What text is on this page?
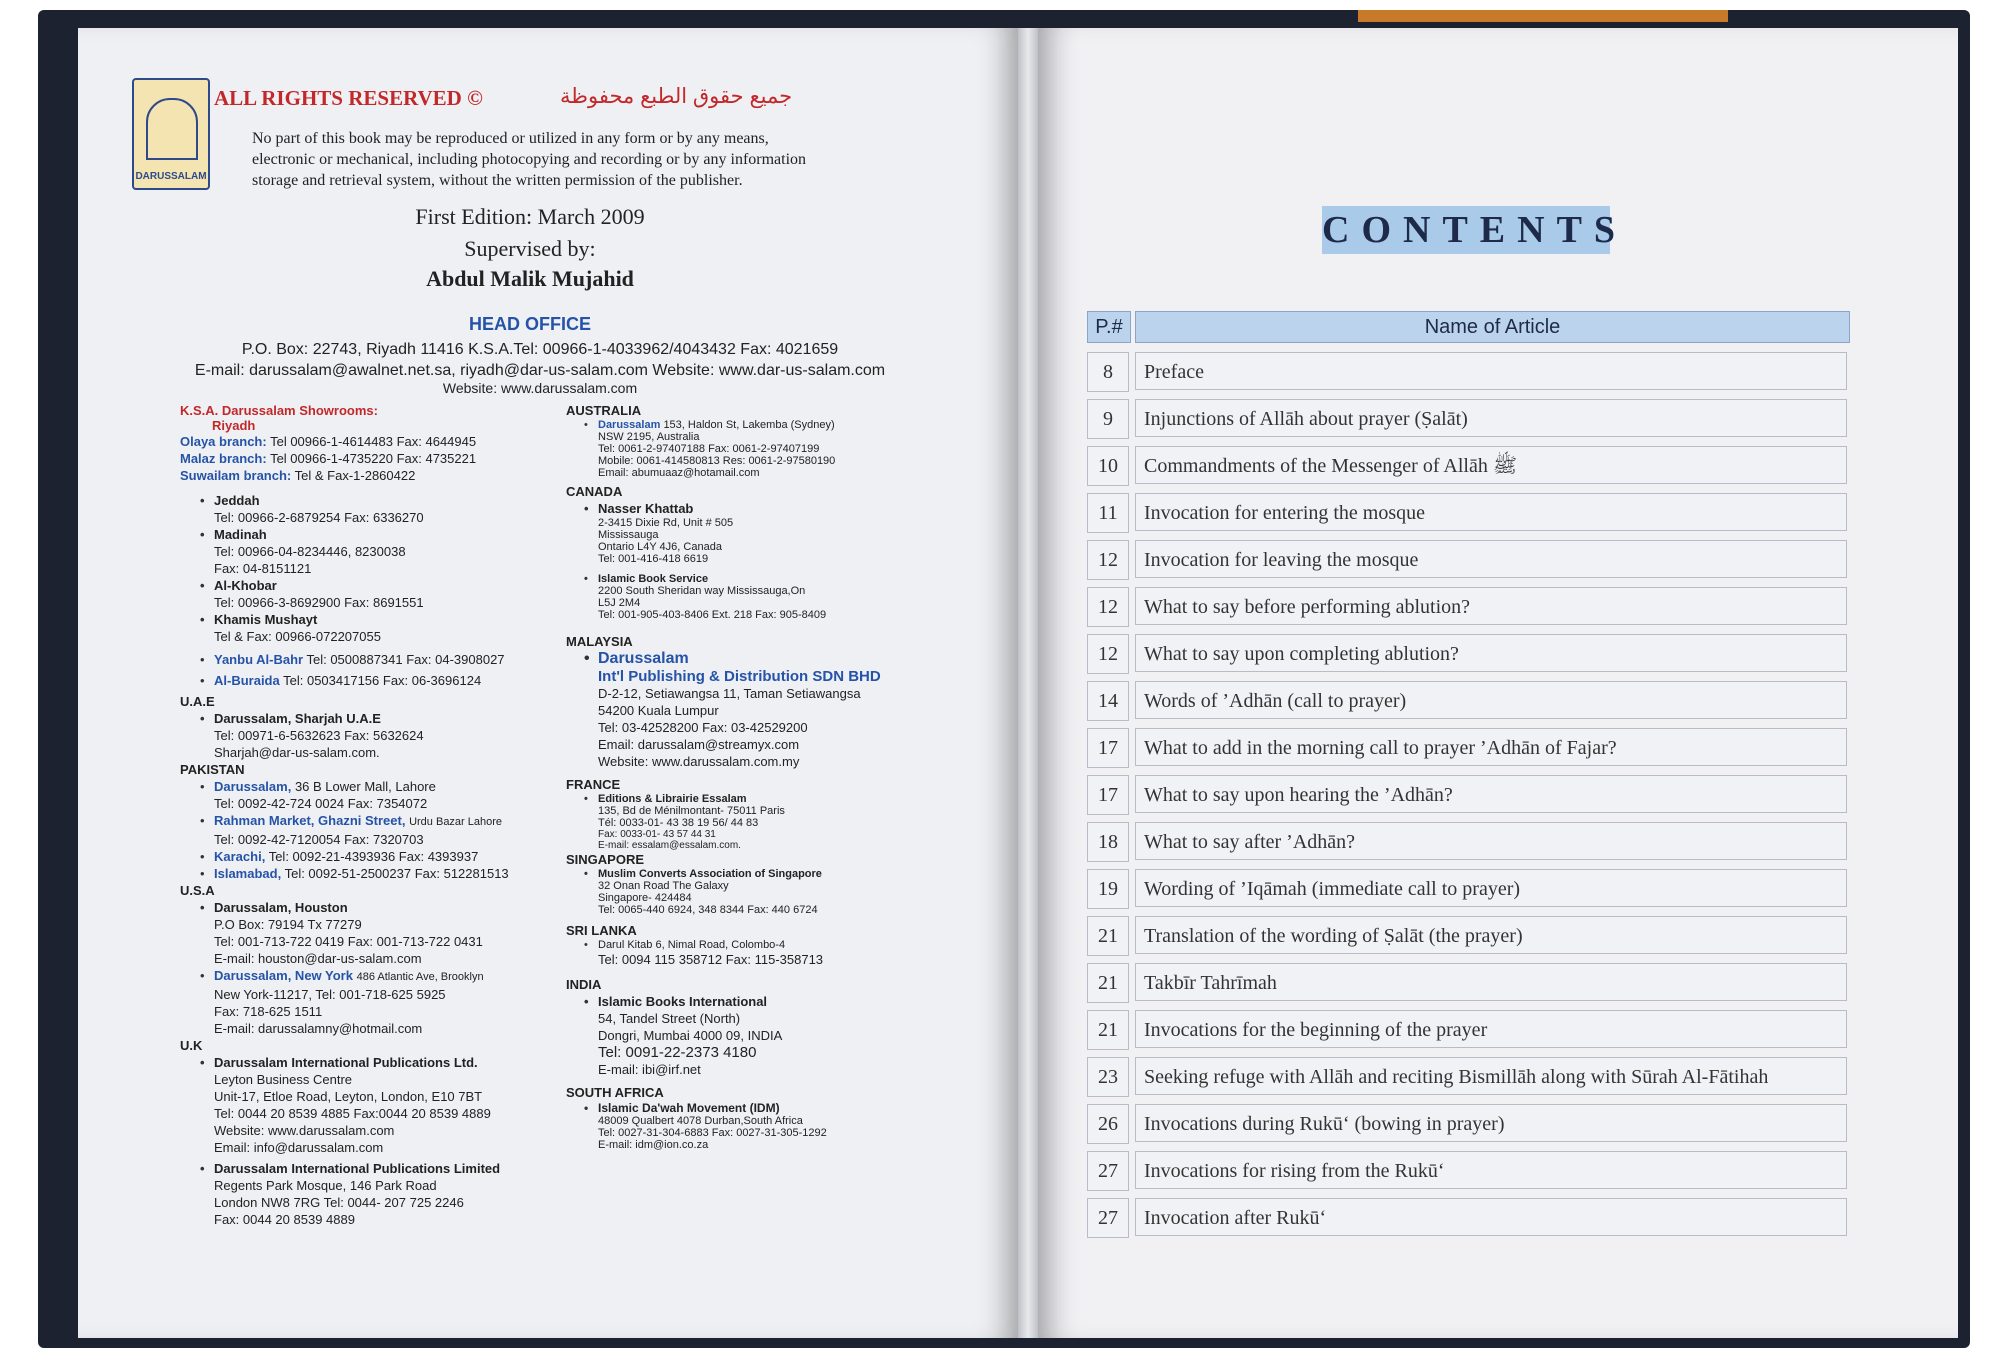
DARUSSALAM
ALL RIGHTS RESERVED ©	جميع حقوق الطبع محفوظة
No part of this book may be reproduced or utilized in any form or by any means,
electronic or mechanical, including photocopying and recording or by any information
storage and retrieval system, without the written permission of the publisher.
First Edition: March 2009
Supervised by:
Abdul Malik Mujahid
HEAD OFFICE
P.O. Box: 22743, Riyadh 11416 K.S.A.Tel: 00966-1-4033962/4043432 Fax: 4021659
E-mail: darussalam@awalnet.net.sa, riyadh@dar-us-salam.com Website: www.dar-us-salam.com
Website: www.darussalam.com
K.S.A. Darussalam Showrooms:
Riyadh
Olaya branch: Tel 00966-1-4614483 Fax: 4644945
Malaz branch: Tel 00966-1-4735220 Fax: 4735221
Suwailam branch: Tel & Fax-1-2860422
• Jeddah
Tel: 00966-2-6879254 Fax: 6336270
• Madinah
Tel: 00966-04-8234446, 8230038
Fax: 04-8151121
• Al-Khobar
Tel: 00966-3-8692900 Fax: 8691551
• Khamis Mushayt
Tel & Fax: 00966-072207055
• Yanbu Al-Bahr Tel: 0500887341 Fax: 04-3908027
• Al-Buraida Tel: 0503417156 Fax: 06-3696124
U.A.E
• Darussalam, Sharjah U.A.E
Tel: 00971-6-5632623 Fax: 5632624
Sharjah@dar-us-salam.com.
PAKISTAN
• Darussalam, 36 B Lower Mall, Lahore
Tel: 0092-42-724 0024 Fax: 7354072
• Rahman Market, Ghazni Street, Urdu Bazar Lahore
Tel: 0092-42-7120054 Fax: 7320703
• Karachi, Tel: 0092-21-4393936 Fax: 4393937
• Islamabad, Tel: 0092-51-2500237 Fax: 512281513
U.S.A
• Darussalam, Houston
P.O Box: 79194 Tx 77279
Tel: 001-713-722 0419 Fax: 001-713-722 0431
E-mail: houston@dar-us-salam.com
• Darussalam, New York 486 Atlantic Ave, Brooklyn
New York-11217, Tel: 001-718-625 5925
Fax: 718-625 1511
E-mail: darussalamny@hotmail.com
U.K
• Darussalam International Publications Ltd.
Leyton Business Centre
Unit-17, Etloe Road, Leyton, London, E10 7BT
Tel: 0044 20 8539 4885 Fax:0044 20 8539 4889
Website: www.darussalam.com
Email: info@darussalam.com
• Darussalam International Publications Limited
Regents Park Mosque, 146 Park Road
London NW8 7RG Tel: 0044- 207 725 2246
Fax: 0044 20 8539 4889
AUSTRALIA
• Darussalam 153, Haldon St, Lakemba (Sydney)
NSW 2195, Australia
Tel: 0061-2-97407188 Fax: 0061-2-97407199
Mobile: 0061-414580813 Res: 0061-2-97580190
Email: abumuaaz@hotamail.com
CANADA
• Nasser Khattab
2-3415 Dixie Rd, Unit # 505
Mississauga
Ontario L4Y 4J6, Canada
Tel: 001-416-418 6619
• Islamic Book Service
2200 South Sheridan way Mississauga,On
L5J 2M4
Tel: 001-905-403-8406 Ext. 218 Fax: 905-8409
MALAYSIA
• Darussalam
Int'l Publishing & Distribution SDN BHD
D-2-12, Setiawangsa 11, Taman Setiawangsa
54200 Kuala Lumpur
Tel: 03-42528200 Fax: 03-42529200
Email: darussalam@streamyx.com
Website: www.darussalam.com.my
FRANCE
• Editions & Librairie Essalam
135, Bd de Ménilmontant- 75011 Paris
Tél: 0033-01- 43 38 19 56/ 44 83
Fax: 0033-01- 43 57 44 31
E-mail: essalam@essalam.com.
SINGAPORE
• Muslim Converts Association of Singapore
32 Onan Road The Galaxy
Singapore- 424484
Tel: 0065-440 6924, 348 8344 Fax: 440 6724
SRI LANKA
• Darul Kitab 6, Nimal Road, Colombo-4
Tel: 0094 115 358712 Fax: 115-358713
INDIA
• Islamic Books International
54, Tandel Street (North)
Dongri, Mumbai 4000 09, INDIA
Tel: 0091-22-2373 4180
E-mail: ibi@irf.net
SOUTH AFRICA
• Islamic Da'wah Movement (IDM)
48009 Qualbert 4078 Durban,South Africa
Tel: 0027-31-304-6883 Fax: 0027-31-305-1292
E-mail: idm@ion.co.za
CONTENTS
P.#	Name of Article
8	Preface
9	Injunctions of Allāh about prayer (Ṣalāt)
10	Commandments of the Messenger of Allāh ﷺ
11	Invocation for entering the mosque
12	Invocation for leaving the mosque
12	What to say before performing ablution?
12	What to say upon completing ablution?
14	Words of ’Adhān (call to prayer)
17	What to add in the morning call to prayer ’Adhān of Fajar?
17	What to say upon hearing the ’Adhān?
18	What to say after ’Adhān?
19	Wording of ’Iqāmah (immediate call to prayer)
21	Translation of the wording of Ṣalāt (the prayer)
21	Takbīr Tahrīmah
21	Invocations for the beginning of the prayer
23	Seeking refuge with Allāh and reciting Bismillāh along with Sūrah Al-Fātihah
26	Invocations during Rukū‘ (bowing in prayer)
27	Invocations for rising from the Rukū‘
27	Invocation after Rukū‘
